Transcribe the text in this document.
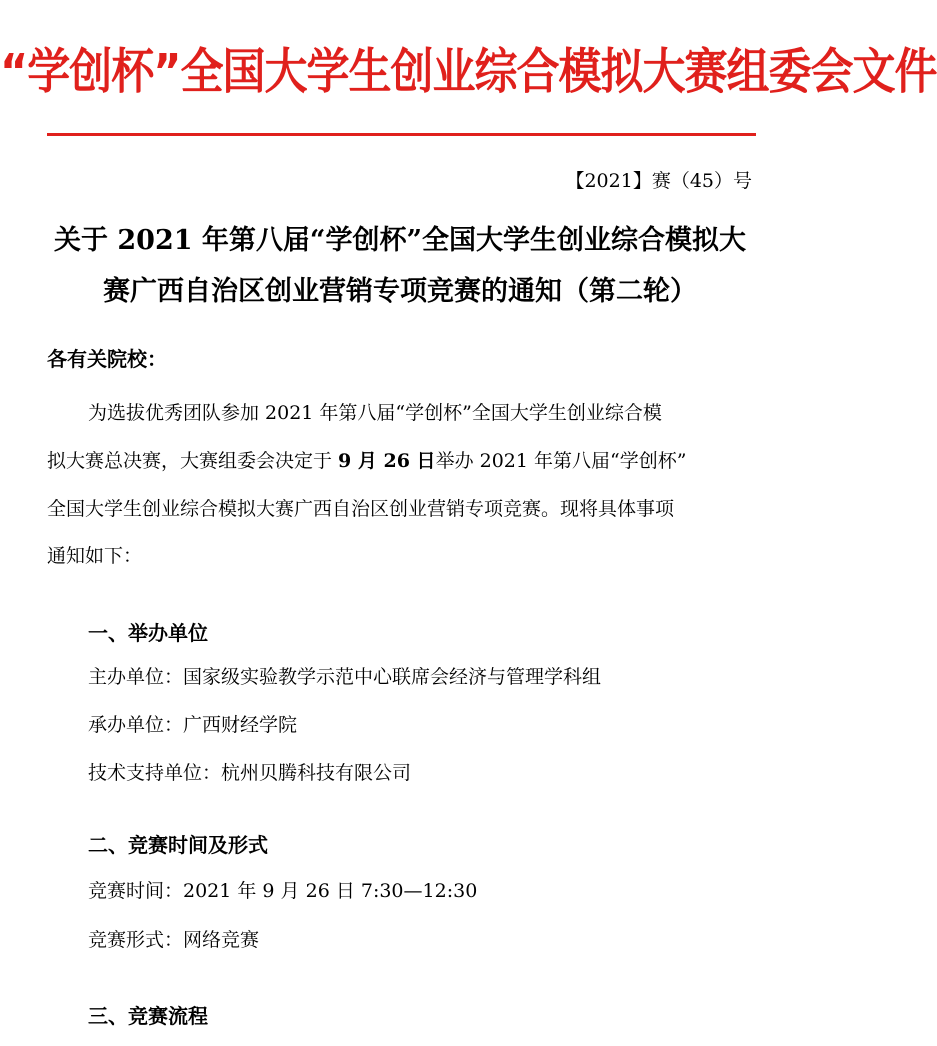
“学创杯”全国大学生创业综合模拟大赛组委会文件
【2021】赛（45）号
关于 2021 年第八届“学创杯”全国大学生创业综合模拟大
赛广西自治区创业营销专项竞赛的通知（第二轮）
各有关院校：
为选拔优秀团队参加 2021 年第八届“学创杯”全国大学生创业综合模
拟大赛总决赛，大赛组委会决定于 9 月 26 日举办 2021 年第八届“学创杯”
全国大学生创业综合模拟大赛广西自治区创业营销专项竞赛。现将具体事项
通知如下：
一、举办单位
主办单位：国家级实验教学示范中心联席会经济与管理学科组
承办单位：广西财经学院
技术支持单位：杭州贝腾科技有限公司
二、竞赛时间及形式
竞赛时间：2021 年 9 月 26 日 7:30—12:30
竞赛形式：网络竞赛
三、竞赛流程
